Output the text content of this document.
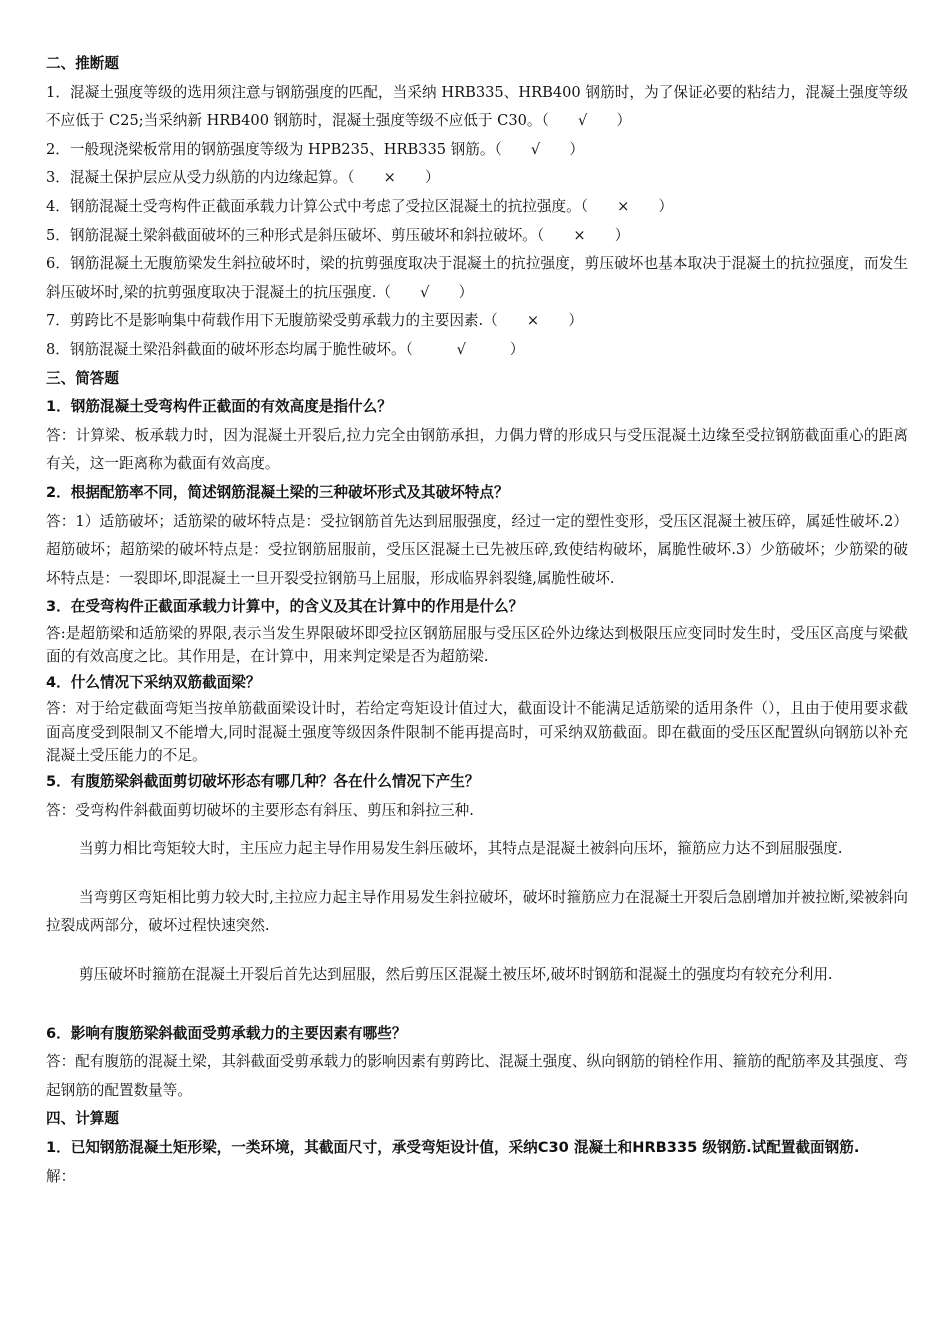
二、推断题

1．混凝土强度等级的选用须注意与钢筋强度的匹配，当采纳 HRB335、HRB400 钢筋时，为了保证必要的粘结力，混凝土强度等级不应低于 C25;当采纳新 HRB400 钢筋时，混凝土强度等级不应低于 C30。（　　√　　）

2．一般现浇梁板常用的钢筋强度等级为 HPB235、HRB335 钢筋。（　　√　　）

3．混凝土保护层应从受力纵筋的内边缘起算。（　　×　　）

4．钢筋混凝土受弯构件正截面承载力计算公式中考虑了受拉区混凝土的抗拉强度。（　　×　　）

5．钢筋混凝土梁斜截面破坏的三种形式是斜压破坏、剪压破坏和斜拉破坏。（　　×　　）

6．钢筋混凝土无腹筋梁发生斜拉破坏时，梁的抗剪强度取决于混凝土的抗拉强度，剪压破坏也基本取决于混凝土的抗拉强度，而发生斜压破坏时,梁的抗剪强度取决于混凝土的抗压强度.（　　√　　）

7．剪跨比不是影响集中荷载作用下无腹筋梁受剪承载力的主要因素.（　　×　　）

8．钢筋混凝土梁沿斜截面的破坏形态均属于脆性破坏。（　　　√　　　）

三、简答题
1．钢筋混凝土受弯构件正截面的有效高度是指什么？

答：计算梁、板承载力时，因为混凝土开裂后,拉力完全由钢筋承担，力偶力臂的形成只与受压混凝土边缘至受拉钢筋截面重心的距离有关，这一距离称为截面有效高度。

2．根据配筋率不同，简述钢筋混凝土梁的三种破坏形式及其破坏特点？

答：1）适筋破坏；适筋梁的破坏特点是：受拉钢筋首先达到屈服强度，经过一定的塑性变形，受压区混凝土被压碎，属延性破坏.2）超筋破坏；超筋梁的破坏特点是：受拉钢筋屈服前，受压区混凝土已先被压碎,致使结构破坏，属脆性破坏.3）少筋破坏；少筋梁的破坏特点是：一裂即坏,即混凝土一旦开裂受拉钢筋马上屈服，形成临界斜裂缝,属脆性破坏.

3．在受弯构件正截面承载力计算中，的含义及其在计算中的作用是什么？

答:是超筋梁和适筋梁的界限,表示当发生界限破坏即受拉区钢筋屈服与受压区砼外边缘达到极限压应变同时发生时，受压区高度与梁截面的有效高度之比。其作用是，在计算中，用来判定梁是否为超筋梁.

4．什么情况下采纳双筋截面梁？

答：对于给定截面弯矩当按单筋截面梁设计时，若给定弯矩设计值过大，截面设计不能满足适筋梁的适用条件（），且由于使用要求截面高度受到限制又不能增大,同时混凝土强度等级因条件限制不能再提高时，可采纳双筋截面。即在截面的受压区配置纵向钢筋以补充混凝土受压能力的不足。

5．有腹筋梁斜截面剪切破坏形态有哪几种？各在什么情况下产生？

答：受弯构件斜截面剪切破坏的主要形态有斜压、剪压和斜拉三种.

当剪力相比弯矩较大时，主压应力起主导作用易发生斜压破坏，其特点是混凝土被斜向压坏，箍筋应力达不到屈服强度.

当弯剪区弯矩相比剪力较大时,主拉应力起主导作用易发生斜拉破坏，破坏时箍筋应力在混凝土开裂后急剧增加并被拉断,梁被斜向拉裂成两部分，破坏过程快速突然.

剪压破坏时箍筋在混凝土开裂后首先达到屈服，然后剪压区混凝土被压坏,破坏时钢筋和混凝土的强度均有较充分利用.

6．影响有腹筋梁斜截面受剪承载力的主要因素有哪些？

答：配有腹筋的混凝土梁，其斜截面受剪承载力的影响因素有剪跨比、混凝土强度、纵向钢筋的销栓作用、箍筋的配筋率及其强度、弯起钢筋的配置数量等。

四、计算题
1．已知钢筋混凝土矩形梁，一类环境，其截面尺寸，承受弯矩设计值，采纳C30 混凝土和HRB335 级钢筋.试配置截面钢筋.

解：
